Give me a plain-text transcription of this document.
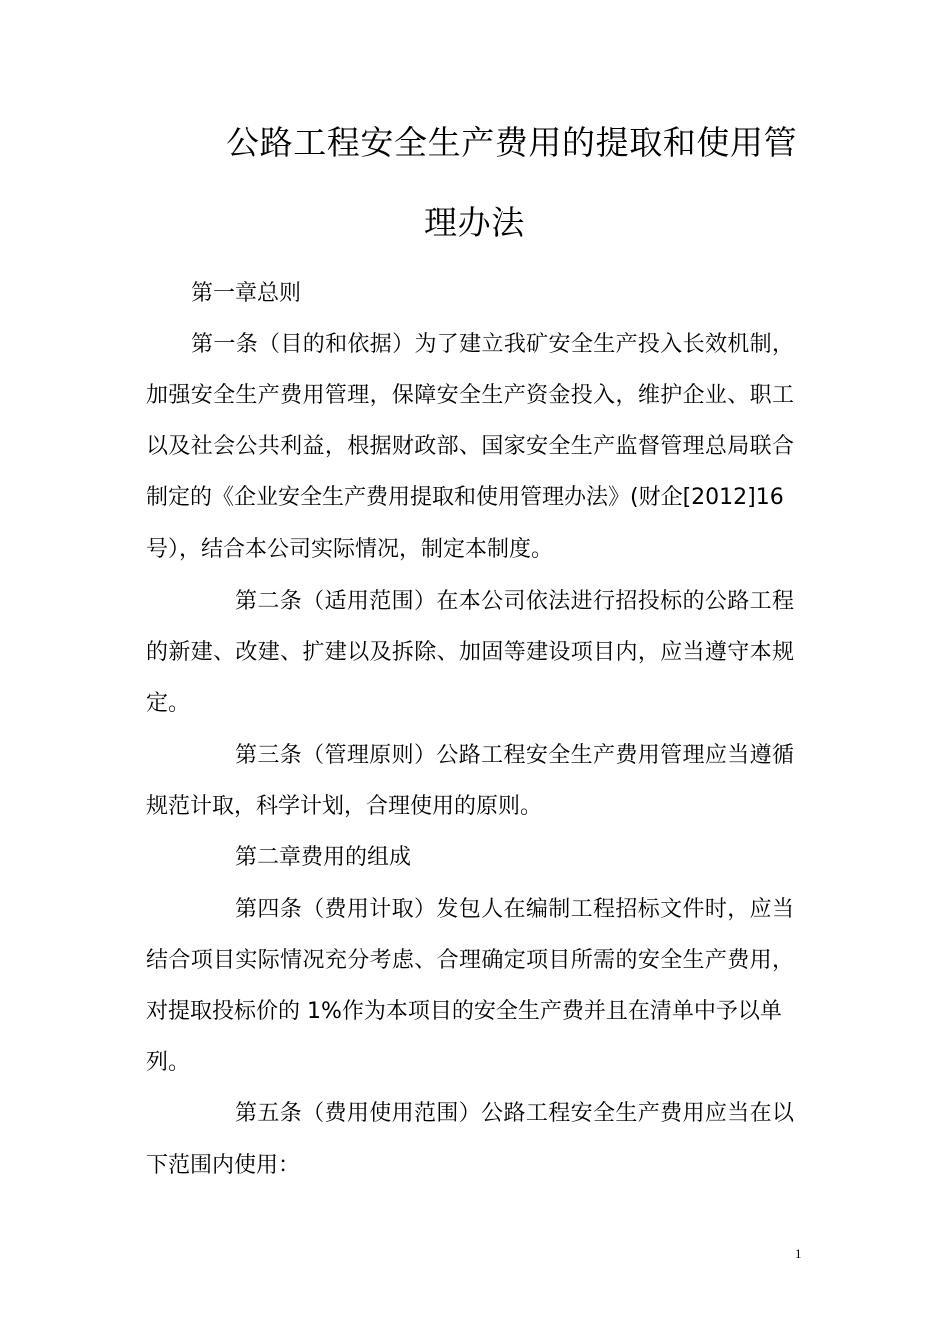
公路工程安全生产费用的提取和使用管
理办法
第一章总则
第一条（目的和依据）为了建立我矿安全生产投入长效机制，
加强安全生产费用管理，保障安全生产资金投入，维护企业、职工
以及社会公共利益，根据财政部、国家安全生产监督管理总局联合
制定的《企业安全生产费用提取和使用管理办法》(财企[2012]16
号），结合本公司实际情况，制定本制度。
第二条（适用范围）在本公司依法进行招投标的公路工程
的新建、改建、扩建以及拆除、加固等建设项目内，应当遵守本规
定。
第三条（管理原则）公路工程安全生产费用管理应当遵循
规范计取，科学计划，合理使用的原则。
第二章费用的组成
第四条（费用计取）发包人在编制工程招标文件时，应当
结合项目实际情况充分考虑、合理确定项目所需的安全生产费用，
对提取投标价的 1%作为本项目的安全生产费并且在清单中予以单
列。
第五条（费用使用范围）公路工程安全生产费用应当在以
下范围内使用：
1
